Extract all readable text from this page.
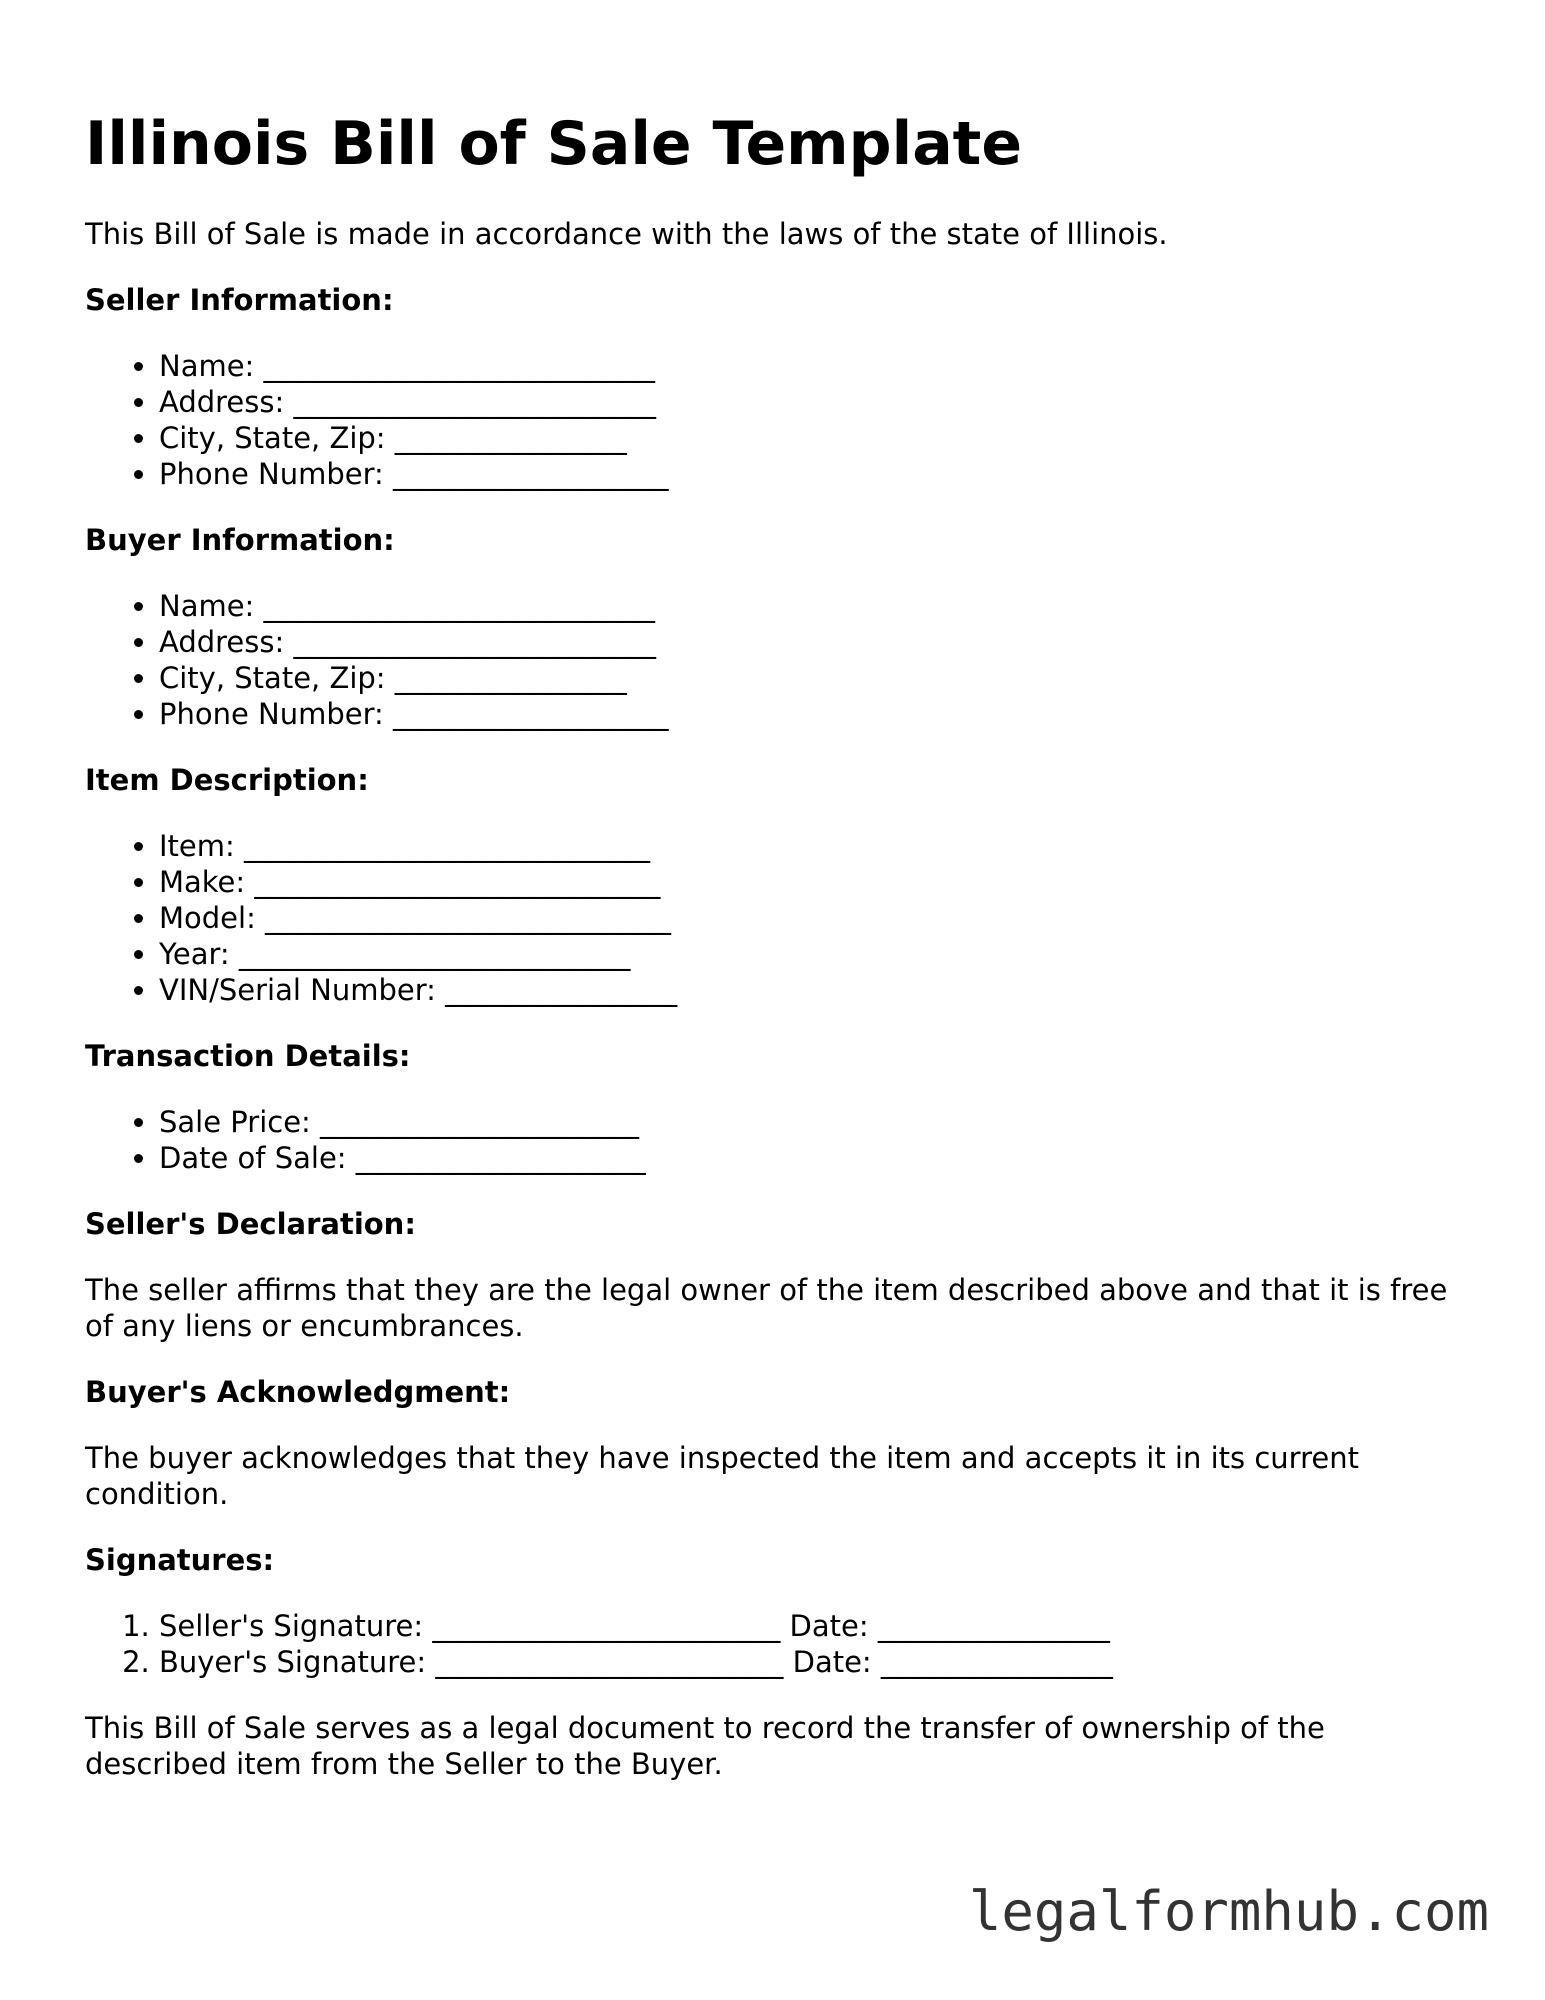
Illinois Bill of Sale Template

This Bill of Sale is made in accordance with the laws of the state of Illinois.

Seller Information:
• Name: ___________________________
• Address: _________________________
• City, State, Zip: ________________
• Phone Number: ___________________
Buyer Information:
• Name: ___________________________
• Address: _________________________
• City, State, Zip: ________________
• Phone Number: ___________________
Item Description:
• Item: ____________________________
• Make: ____________________________
• Model: ____________________________
• Year: ___________________________
• VIN/Serial Number: ________________
Transaction Details:
• Sale Price: ______________________
• Date of Sale: ____________________
Seller's Declaration:

The seller affirms that they are the legal owner of the item described above and that it is free of any liens or encumbrances.

Buyer's Acknowledgment:

The buyer acknowledges that they have inspected the item and accepts it in its current condition.

Signatures:
1. Seller's Signature: ________________________ Date: ________________
2. Buyer's Signature: ________________________ Date: ________________

This Bill of Sale serves as a legal document to record the transfer of ownership of the described item from the Seller to the Buyer.

legalformhub.com
